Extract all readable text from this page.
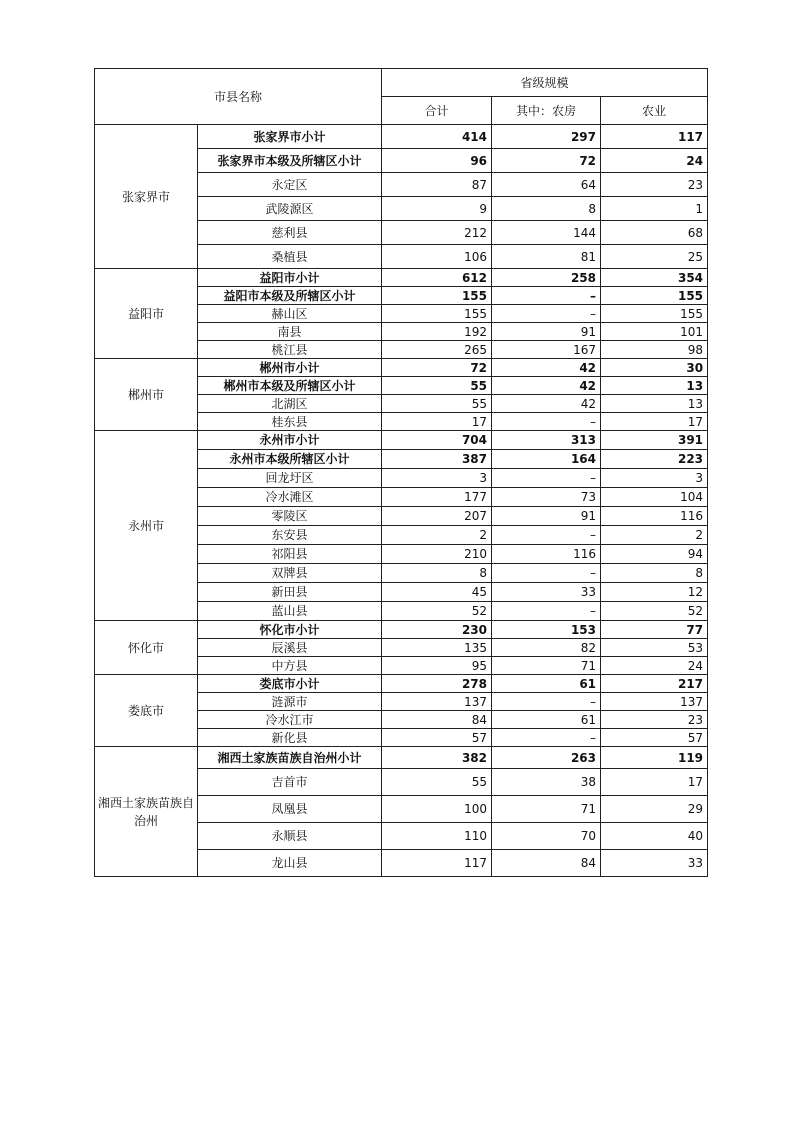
市县名称		省级规模		
		合计	其中：农房	农业
张家界市	张家界市小计	414	297	117
	张家界市本级及所辖区小计	96	72	24
	永定区	87	64	23
	武陵源区	9	8	1
	慈利县	212	144	68
	桑植县	106	81	25
益阳市	益阳市小计	612	258	354
	益阳市本级及所辖区小计	155	–	155
	赫山区	155	–	155
	南县	192	91	101
	桃江县	265	167	98
郴州市	郴州市小计	72	42	30
	郴州市本级及所辖区小计	55	42	13
	北湖区	55	42	13
	桂东县	17	–	17
永州市	永州市小计	704	313	391
	永州市本级所辖区小计	387	164	223
	回龙圩区	3	–	3
	冷水滩区	177	73	104
	零陵区	207	91	116
	东安县	2	–	2
	祁阳县	210	116	94
	双牌县	8	–	8
	新田县	45	33	12
	蓝山县	52	–	52
怀化市	怀化市小计	230	153	77
	辰溪县	135	82	53
	中方县	95	71	24
娄底市	娄底市小计	278	61	217
	涟源市	137	–	137
	冷水江市	84	61	23
	新化县	57	–	57
湘西土家族苗族自治州	湘西土家族苗族自治州小计	382	263	119
	吉首市	55	38	17
	凤凰县	100	71	29
	永顺县	110	70	40
	龙山县	117	84	33
